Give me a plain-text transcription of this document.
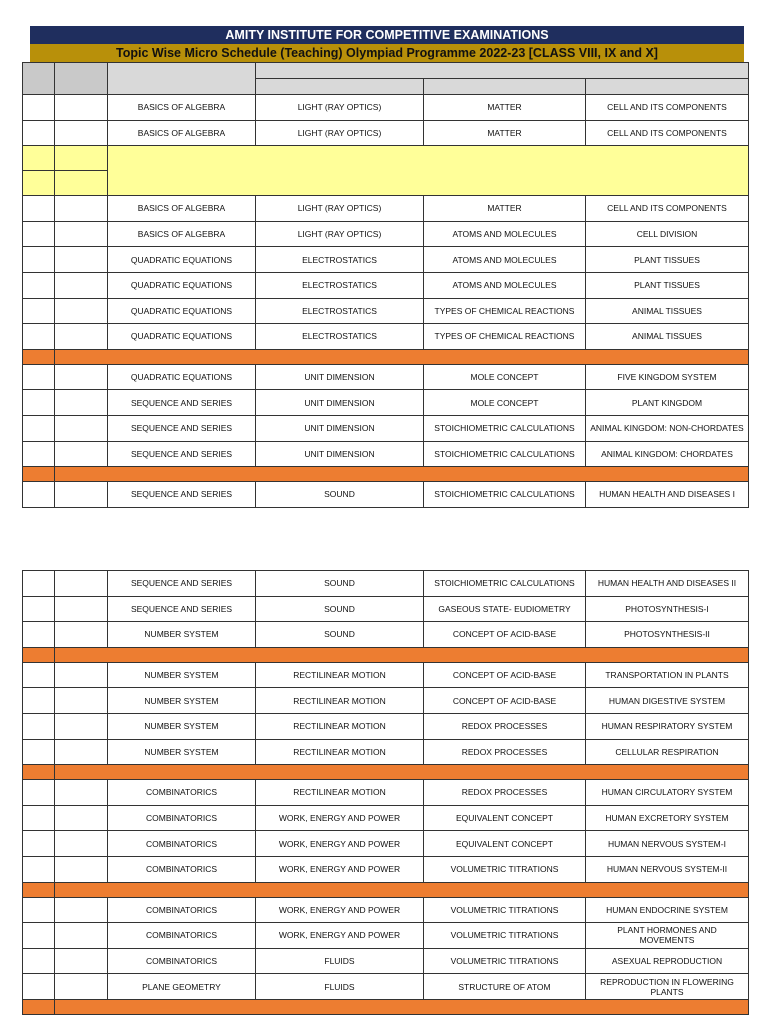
AMITY INSTITUTE FOR COMPETITIVE EXAMINATIONS
Topic Wise Micro Schedule (Teaching) Olympiad Programme 2022-23 [CLASS VIII, IX and X]

		BASICS OF ALGEBRA	LIGHT (RAY OPTICS)	MATTER	CELL AND ITS COMPONENTS
		BASICS OF ALGEBRA	LIGHT (RAY OPTICS)	MATTER	CELL AND ITS COMPONENTS

		BASICS OF ALGEBRA	LIGHT (RAY OPTICS)	MATTER	CELL AND ITS COMPONENTS
		BASICS OF ALGEBRA	LIGHT (RAY OPTICS)	ATOMS AND MOLECULES	CELL DIVISION
		QUADRATIC EQUATIONS	ELECTROSTATICS	ATOMS AND MOLECULES	PLANT TISSUES
		QUADRATIC EQUATIONS	ELECTROSTATICS	ATOMS AND MOLECULES	PLANT TISSUES
		QUADRATIC EQUATIONS	ELECTROSTATICS	TYPES OF CHEMICAL REACTIONS	ANIMAL TISSUES
		QUADRATIC EQUATIONS	ELECTROSTATICS	TYPES OF CHEMICAL REACTIONS	ANIMAL TISSUES

		QUADRATIC EQUATIONS	UNIT DIMENSION	MOLE CONCEPT	FIVE KINGDOM SYSTEM
		SEQUENCE AND SERIES	UNIT DIMENSION	MOLE CONCEPT	PLANT KINGDOM
		SEQUENCE AND SERIES	UNIT DIMENSION	STOICHIOMETRIC CALCULATIONS	ANIMAL KINGDOM: NON-CHORDATES
		SEQUENCE AND SERIES	UNIT DIMENSION	STOICHIOMETRIC CALCULATIONS	ANIMAL KINGDOM: CHORDATES

		SEQUENCE AND SERIES	SOUND	STOICHIOMETRIC CALCULATIONS	HUMAN HEALTH AND DISEASES I
		SEQUENCE AND SERIES	SOUND	STOICHIOMETRIC CALCULATIONS	HUMAN HEALTH AND DISEASES II
		SEQUENCE AND SERIES	SOUND	GASEOUS STATE- EUDIOMETRY	PHOTOSYNTHESIS-I
		NUMBER SYSTEM	SOUND	CONCEPT OF ACID-BASE	PHOTOSYNTHESIS-II

		NUMBER SYSTEM	RECTILINEAR MOTION	CONCEPT OF ACID-BASE	TRANSPORTATION IN PLANTS
		NUMBER SYSTEM	RECTILINEAR MOTION	CONCEPT OF ACID-BASE	HUMAN DIGESTIVE SYSTEM
		NUMBER SYSTEM	RECTILINEAR MOTION	REDOX PROCESSES	HUMAN RESPIRATORY SYSTEM
		NUMBER SYSTEM	RECTILINEAR MOTION	REDOX PROCESSES	CELLULAR RESPIRATION

		COMBINATORICS	RECTILINEAR MOTION	REDOX PROCESSES	HUMAN CIRCULATORY SYSTEM
		COMBINATORICS	WORK, ENERGY AND POWER	EQUIVALENT CONCEPT	HUMAN EXCRETORY SYSTEM
		COMBINATORICS	WORK, ENERGY AND POWER	EQUIVALENT CONCEPT	HUMAN NERVOUS SYSTEM-I
		COMBINATORICS	WORK, ENERGY AND POWER	VOLUMETRIC TITRATIONS	HUMAN NERVOUS SYSTEM-II

		COMBINATORICS	WORK, ENERGY AND POWER	VOLUMETRIC TITRATIONS	HUMAN ENDOCRINE SYSTEM
		COMBINATORICS	WORK, ENERGY AND POWER	VOLUMETRIC TITRATIONS	PLANT HORMONES AND MOVEMENTS
		COMBINATORICS	FLUIDS	VOLUMETRIC TITRATIONS	ASEXUAL REPRODUCTION
		PLANE GEOMETRY	FLUIDS	STRUCTURE OF ATOM	REPRODUCTION IN FLOWERING PLANTS
